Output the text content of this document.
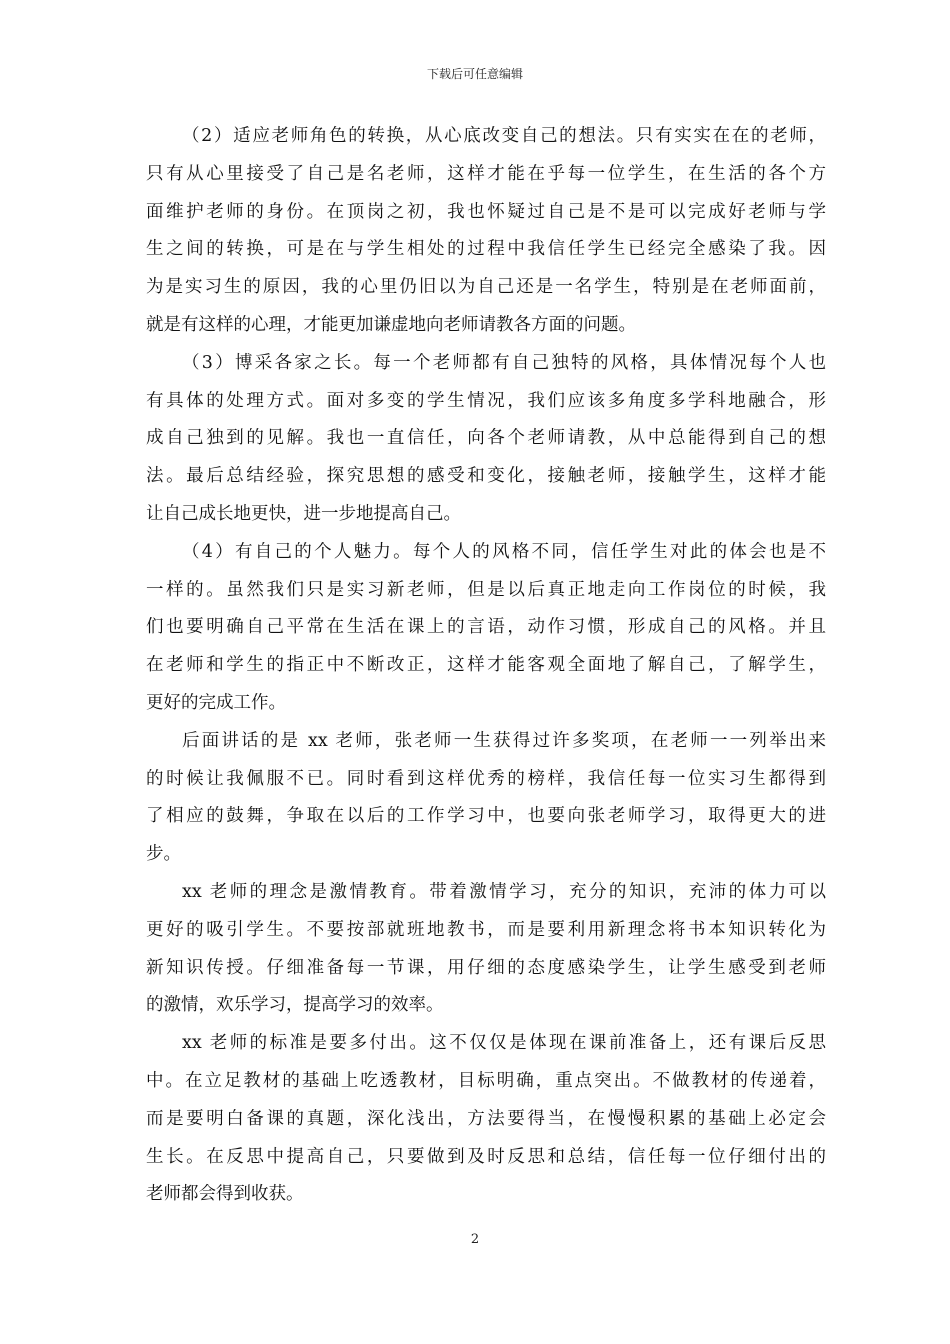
下载后可任意编辑
（2）适应老师角色的转换，从心底改变自己的想法。只有实实在在的老师，
只有从心里接受了自己是名老师，这样才能在乎每一位学生，在生活的各个方
面维护老师的身份。在顶岗之初，我也怀疑过自己是不是可以完成好老师与学
生之间的转换，可是在与学生相处的过程中我信任学生已经完全感染了我。因
为是实习生的原因，我的心里仍旧以为自己还是一名学生，特别是在老师面前，
就是有这样的心理，才能更加谦虚地向老师请教各方面的问题。
（3）博采各家之长。每一个老师都有自己独特的风格，具体情况每个人也
有具体的处理方式。面对多变的学生情况，我们应该多角度多学科地融合，形
成自己独到的见解。我也一直信任，向各个老师请教，从中总能得到自己的想
法。最后总结经验，探究思想的感受和变化，接触老师，接触学生，这样才能
让自己成长地更快，进一步地提高自己。
（4）有自己的个人魅力。每个人的风格不同，信任学生对此的体会也是不
一样的。虽然我们只是实习新老师，但是以后真正地走向工作岗位的时候，我
们也要明确自己平常在生活在课上的言语，动作习惯，形成自己的风格。并且
在老师和学生的指正中不断改正，这样才能客观全面地了解自己，了解学生，
更好的完成工作。
后面讲话的是 xx 老师，张老师一生获得过许多奖项，在老师一一列举出来
的时候让我佩服不已。同时看到这样优秀的榜样，我信任每一位实习生都得到
了相应的鼓舞，争取在以后的工作学习中，也要向张老师学习，取得更大的进
步。
xx 老师的理念是激情教育。带着激情学习，充分的知识，充沛的体力可以
更好的吸引学生。不要按部就班地教书，而是要利用新理念将书本知识转化为
新知识传授。仔细准备每一节课，用仔细的态度感染学生，让学生感受到老师
的激情，欢乐学习，提高学习的效率。
xx 老师的标准是要多付出。这不仅仅是体现在课前准备上，还有课后反思
中。在立足教材的基础上吃透教材，目标明确，重点突出。不做教材的传递着，
而是要明白备课的真题，深化浅出，方法要得当，在慢慢积累的基础上必定会
生长。在反思中提高自己，只要做到及时反思和总结，信任每一位仔细付出的
老师都会得到收获。
2
